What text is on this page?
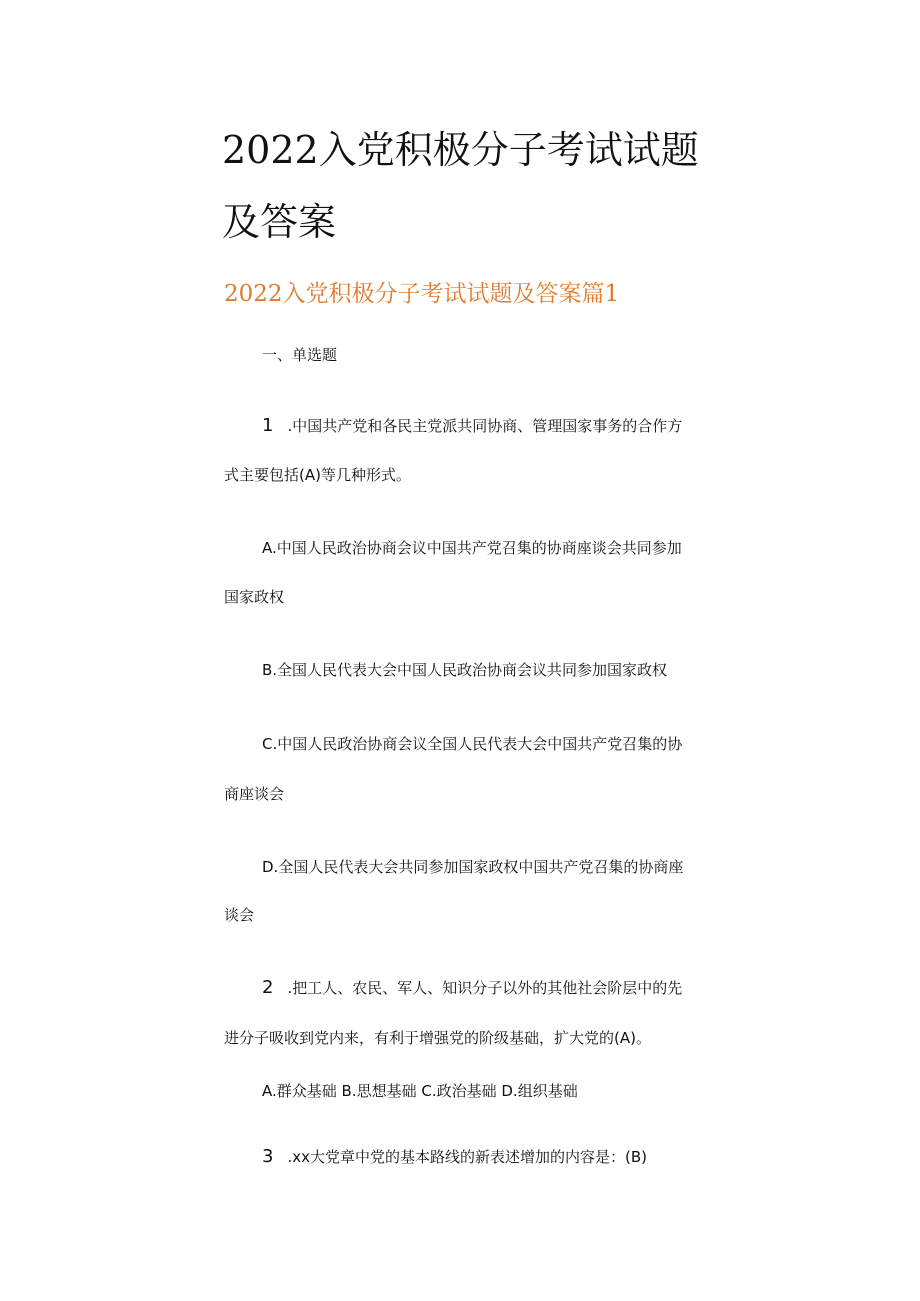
2022入党积极分子考试试题
及答案
2022入党积极分子考试试题及答案篇1

一、单选题

1 .中国共产党和各民主党派共同协商、管理国家事务的合作方

式主要包括(A)等几种形式。

A.中国人民政治协商会议中国共产党召集的协商座谈会共同参加

国家政权

B.全国人民代表大会中国人民政治协商会议共同参加国家政权

C.中国人民政治协商会议全国人民代表大会中国共产党召集的协

商座谈会

D.全国人民代表大会共同参加国家政权中国共产党召集的协商座

谈会

2 .把工人、农民、军人、知识分子以外的其他社会阶层中的先

进分子吸收到党内来，有利于增强党的阶级基础，扩大党的(A)。

A.群众基础 B.思想基础 C.政治基础 D.组织基础

3 .xx大党章中党的基本路线的新表述增加的内容是：(B)
